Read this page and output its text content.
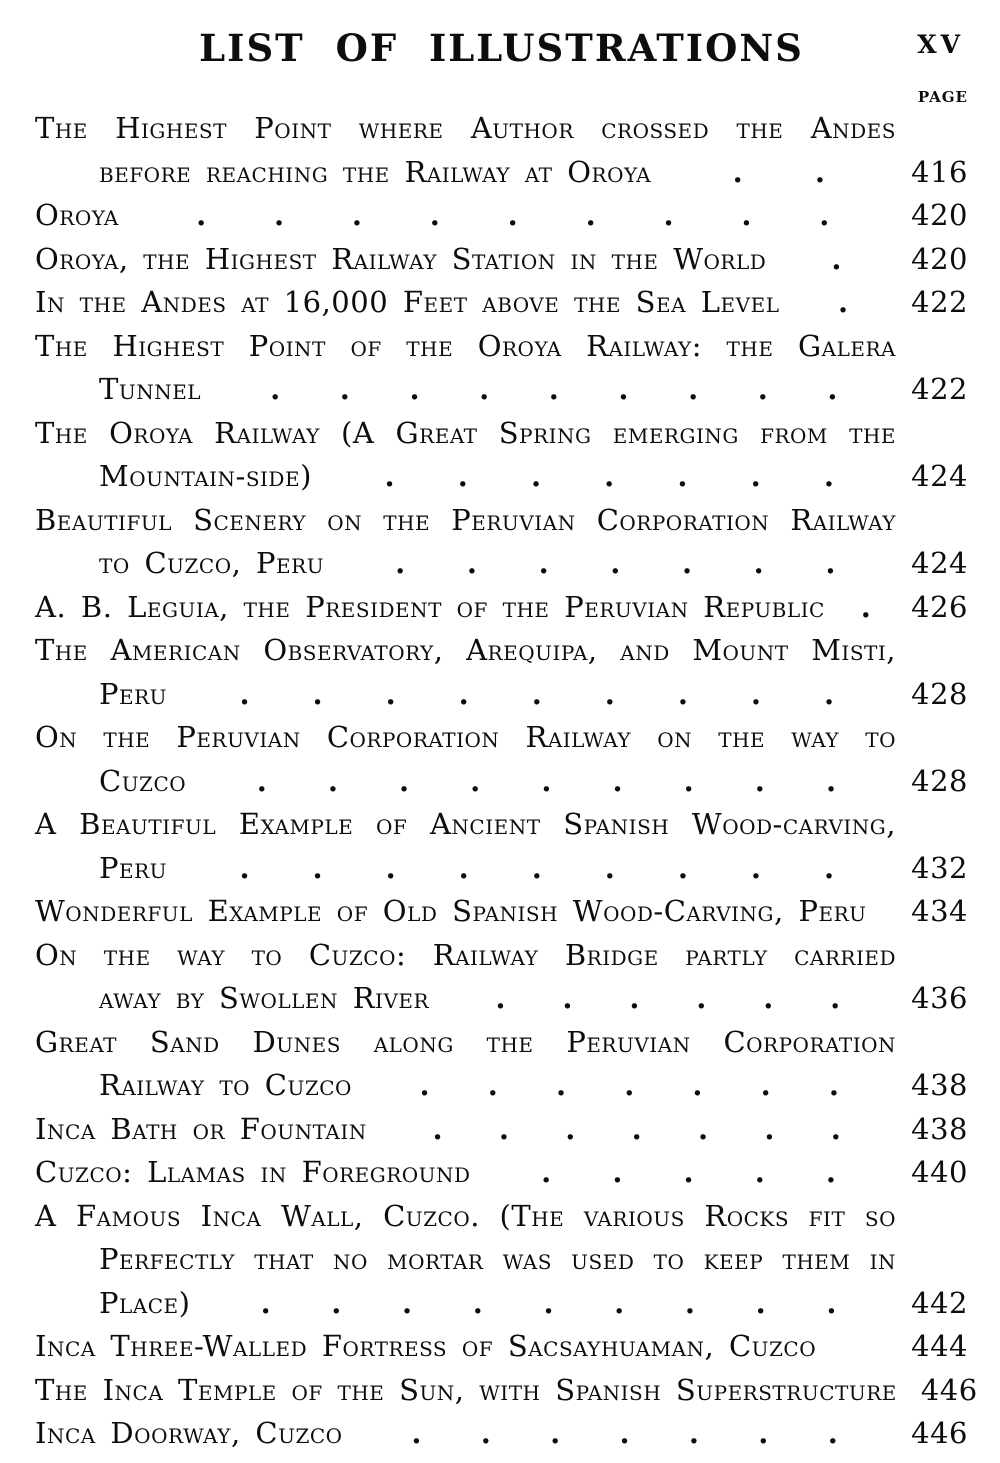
LIST OF ILLUSTRATIONS	XV
PAGE
The Highest Point where Author crossed the Andes
before reaching the Railway at Oroya	. .	416
Oroya	. . . . . . . . .	420
Oroya, the Highest Railway Station in the World . 420
In the Andes at 16,000 Feet above the Sea Level . 422
The Highest Point of the Oroya Railway: the Galera
Tunnel . . . . . . . . .	422
The Oroya Railway (A Great Spring emerging from the
Mountain-side)	. . . . . . .	424
Beautiful Scenery on the Peruvian Corporation Railway
to Cuzco, Peru . . . . . . .	424
A. B. Leguia, the President of the Peruvian Republic . 426
The American Observatory, Arequipa, and Mount Misti,
Peru . . . . . . . . .	428
On the Peruvian Corporation Railway on the way to
Cuzco . . . . . . . . .	428
A Beautiful Example of Ancient Spanish Wood-carving,
Peru . . . . . . . . .	432
Wonderful Example of Old Spanish Wood-Carving, Peru 434
On the way to Cuzco: Railway Bridge partly carried
away by Swollen River . . . . . . 436
Great Sand Dunes along the Peruvian Corporation
Railway to Cuzco . . . . . . . 438
Inca Bath or Fountain . . . . . . . 438
Cuzco: Llamas in Foreground . . . . .	440
A Famous Inca Wall, Cuzco. (The various Rocks fit so
Perfectly that no mortar was used to keep them in
Place) . . . . . . . . .	442
Inca Three-Walled Fortress of Sacsayhuaman, Cuzco	444
The Inca Temple of the Sun, with Spanish Superstructure 446
Inca Doorway, Cuzco . . . . . . .	446
